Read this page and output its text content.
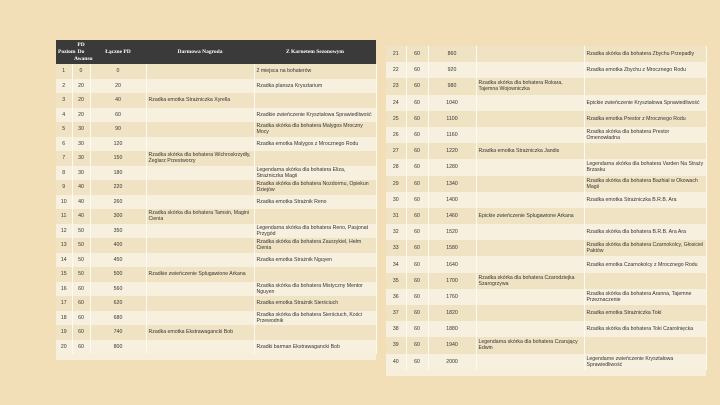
Poziom	PD Do Awansu	Łączne PD	Darmowa Nagroda	Z Karnetem Sezonowym
1	0	0		2 miejsca na bohaterów
2	20	20		Rzadka plansza Krysztarium
3	20	40	Rzadka emotka Strażniczka Xyrella	
4	20	60		Rzadkie zwieńczenie Kryształowa Sprawiedliwość
5	30	90		Rzadka skórka dla bohatera Malygos Mroczny Mocy
6	30	120		Rzadka emotka Malygos z Mrocznego Rodu
7	30	150	Rzadka skórka dla bohatera Wichroskrzydły, Żeglarz Przestworzy	
8	30	180		Legendarna skórka dla bohatera Eliza, Strażniczka Magii
9	40	220		Rzadka skórka dla bohatera Nozdormu, Opiekun Dziejów
10	40	260		Rzadka emotka Strażnik Reno
11	40	300	Rzadka skórka dla bohatera Tamsin, Magini Cienia	
12	50	350		Legendarna skórka dla bohatera Reno, Pasjonat Przygód
13	50	400		Rzadka skórka dla bohatera Zaurzykiel, Hełm Cienia
14	50	450		Rzadka emotka Strażnik Nguyen
15	50	500	Rzadkie zwieńczenie Splugawione Arkana	
16	60	560		Rzadka skórka dla bohatera Mistyczny Mentor Nguyen
17	60	620		Rzadka emotka Strażnik Sierściuch
18	60	680		Rzadka skórka dla bohatera Sierściuch, Kości Przewodnik
19	60	740	Rzadka emotka Ekstrawagancki Bob	
20	60	800		Rzadki barman Ekstrawagancki Bob
21	60	860		Rzadka skórka dla bohatera Zbychu Przepadły
22	60	920		Rzadka emotka Zbychu z Mrocznego Rodu
23	60	980	Rzadka skórka dla bohatera Rokara, Tajemna Wojowniczka	
24	60	1040		Epickie zwieńczenie Kryształowa Sprawiedliwość
25	60	1100		Rzadka emotka Prestor z Mrocznego Rodu
26	60	1160		Rzadka skórka dla bohatera Prestor Omenowładna
27	60	1220	Rzadka emotka Strażniczka Jandis	
28	60	1280		Legendarna skórka dla bohatera Varden Na Straży Brzasku
29	60	1340		Rzadka skórka dla bohatera Bazhial w Okowach Magii
30	60	1400		Rzadka emotka Strażniczka B.R.B. Ara
31	60	1460	Epickie zwieńczenie Splugawione Arkana	
32	60	1520		Rzadka skórka dla bohatera B.R.B. Ara Ara
33	60	1580		Rzadka skórka dla bohatera Czarnokolcy, Głosiciel Paktów
34	60	1640		Rzadka emotka Czarnokolcy z Mrocznego Rodu
35	60	1700	Rzadka skórka dla bohatera Czarodziejka Szarogrzywa	
36	60	1760		Rzadka skórka dla bohatera Aranna, Tajemne Przeznaczenie
37	60	1820		Rzadka emotka Strażniczka Toki
38	60	1880		Rzadka skórka dla bohatera Toki Czarolnięcka
39	60	1940	Legendarna skórka dla bohatera Czarujący Edwin	
40	60	2000		Legendarne zwieńczenie Kryształowa Sprawiedliwość
